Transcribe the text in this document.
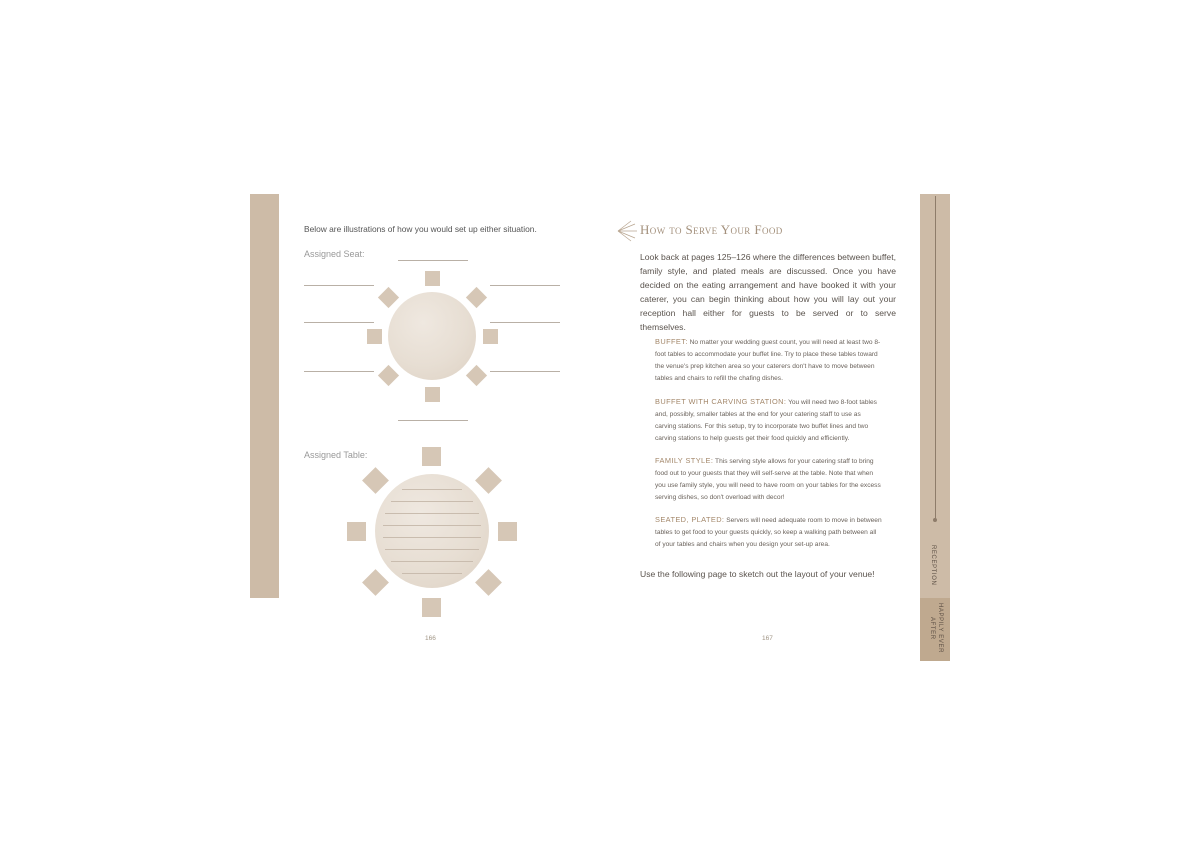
RECEPTION
HAPPILY EVER AFTER
Below are illustrations of how you would set up either situation.
Assigned Seat:
Assigned Table:
166
How to Serve Your Food
Look back at pages 125–126 where the differences between buffet, family style, and plated meals are discussed. Once you have decided on the eating arrangement and have booked it with your caterer, you can begin thinking about how you will lay out your reception hall either for guests to be served or to serve themselves.
BUFFET: No matter your wedding guest count, you will need at least two 8-foot tables to accommodate your buffet line. Try to place these tables toward the venue's prep kitchen area so your caterers don't have to move between tables and chairs to refill the chafing dishes.
BUFFET WITH CARVING STATION: You will need two 8-foot tables and, possibly, smaller tables at the end for your catering staff to use as carving stations. For this setup, try to incorporate two buffet lines and two carving stations to help guests get their food quickly and efficiently.
FAMILY STYLE: This serving style allows for your catering staff to bring food out to your guests that they will self-serve at the table. Note that when you use family style, you will need to have room on your tables for the excess serving dishes, so don't overload with decor!
SEATED, PLATED: Servers will need adequate room to move in between tables to get food to your guests quickly, so keep a walking path between all of your tables and chairs when you design your set-up area.
Use the following page to sketch out the layout of your venue!
167
